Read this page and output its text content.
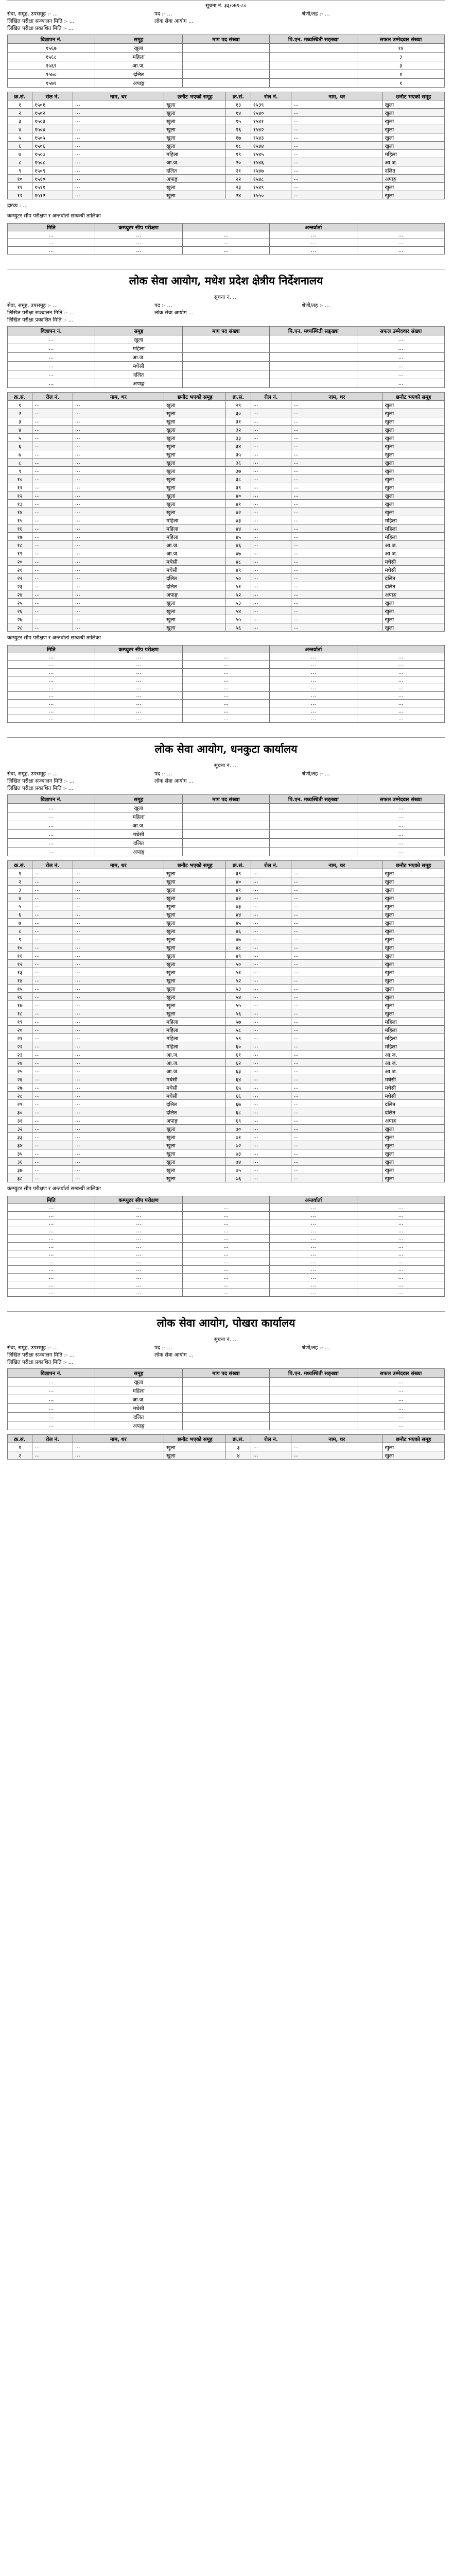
सूचना नं. ३३/०७९-८०
सेवा, समूह, उपसमूह :- …
लिखित परीक्षा सञ्चालन मिति :- …
लिखित परीक्षा प्रकाशित मिति :- …
पद :- …
लोक सेवा आयोग …
श्रेणी/तह :- …
विज्ञापन नं.	समूह	माग पद संख्या	पि.एन. मध्यस्थिती सङ्ख्या	सफल उम्मेदवार संख्या
१५६७	खुला			१४
१५६८	महिला			३
१५६९	आ.ज.			३
१५७०	दलित			१
१५७१	अपाङ्ग			१
क्र.सं.	रोल नं.	नाम, थर	छनौट भएको समूह	क्र.सं.	रोल नं.	नाम, थर	छनौट भएको समूह
१	१५०१	…	खुला	१३	१५३९	…	खुला
२	१५०२	…	खुला	१४	१५४०	…	खुला
३	१५०३	…	खुला	१५	१५४१	…	खुला
४	१५०४	…	खुला	१६	१५४२	…	खुला
५	१५०५	…	खुला	१७	१५४३	…	खुला
६	१५०६	…	खुला	१८	१५४४	…	खुला
७	१५०७	…	महिला	१९	१५४५	…	महिला
८	१५०८	…	आ.ज.	२०	१५४६	…	आ.ज.
९	१५०९	…	दलित	२१	१५४७	…	दलित
१०	१५१०	…	अपाङ्ग	२२	१५४८	…	अपाङ्ग
११	१५११	…	खुला	२३	१५४९	…	खुला
१२	१५१२	…	खुला	२४	१५५०	…	खुला
द्रष्टव्य : …
कम्प्युटर सीप परीक्षण र अन्तर्वार्ता सम्बन्धी तालिका
मिति	कम्प्युटर सीप परीक्षण		अन्तर्वार्ता	
…	…	…	…	…
…	…	…	…	…
…	…	…	…	…
लोक सेवा आयोग, मधेश प्रदेश क्षेत्रीय निर्देशनालय
सूचना नं. …
सेवा, समूह, उपसमूह :- …
लिखित परीक्षा सञ्चालन मिति :- …
लिखित परीक्षा प्रकाशित मिति :- …
पद :- …
लोक सेवा आयोग …
श्रेणी/तह :- …
विज्ञापन नं.	समूह	माग पद संख्या	पि.एन. मध्यस्थिती सङ्ख्या	सफल उम्मेदवार संख्या
…	खुला			…
…	महिला			…
…	आ.ज.			…
…	मधेसी			…
…	दलित			…
…	अपाङ्ग			…
क्र.सं.	रोल नं.	नाम, थर	छनौट भएको समूह	क्र.सं.	रोल नं.	नाम, थर	छनौट भएको समूह
१	…	…	खुला	२९	…	…	खुला
२	…	…	खुला	३०	…	…	खुला
३	…	…	खुला	३१	…	…	खुला
४	…	…	खुला	३२	…	…	खुला
५	…	…	खुला	३३	…	…	खुला
६	…	…	खुला	३४	…	…	खुला
७	…	…	खुला	३५	…	…	खुला
८	…	…	खुला	३६	…	…	खुला
९	…	…	खुला	३७	…	…	खुला
१०	…	…	खुला	३८	…	…	खुला
११	…	…	खुला	३९	…	…	खुला
१२	…	…	खुला	४०	…	…	खुला
१३	…	…	खुला	४१	…	…	खुला
१४	…	…	खुला	४२	…	…	खुला
१५	…	…	महिला	४३	…	…	महिला
१६	…	…	महिला	४४	…	…	महिला
१७	…	…	महिला	४५	…	…	महिला
१८	…	…	आ.ज.	४६	…	…	आ.ज.
१९	…	…	आ.ज.	४७	…	…	आ.ज.
२०	…	…	मधेसी	४८	…	…	मधेसी
२१	…	…	मधेसी	४९	…	…	मधेसी
२२	…	…	दलित	५०	…	…	दलित
२३	…	…	दलित	५१	…	…	दलित
२४	…	…	अपाङ्ग	५२	…	…	अपाङ्ग
२५	…	…	खुला	५३	…	…	खुला
२६	…	…	खुला	५४	…	…	खुला
२७	…	…	खुला	५५	…	…	खुला
२८	…	…	खुला	५६	…	…	खुला
कम्प्युटर सीप परीक्षण र अन्तर्वार्ता सम्बन्धी तालिका
मिति	कम्प्युटर सीप परीक्षण		अन्तर्वार्ता	
…	…	…	…	…
…	…	…	…	…
…	…	…	…	…
…	…	…	…	…
…	…	…	…	…
…	…	…	…	…
…	…	…	…	…
…	…	…	…	…
…	…	…	…	…
लोक सेवा आयोग, धनकुटा कार्यालय
सूचना नं. …
सेवा, समूह, उपसमूह :- …
लिखित परीक्षा सञ्चालन मिति :- …
लिखित परीक्षा प्रकाशित मिति :- …
पद :- …
लोक सेवा आयोग …
श्रेणी/तह :- …
विज्ञापन नं.	समूह	माग पद संख्या	पि.एन. मध्यस्थिती सङ्ख्या	सफल उम्मेदवार संख्या
…	खुला			…
…	महिला			…
…	आ.ज.			…
…	मधेसी			…
…	दलित			…
…	अपाङ्ग			…
क्र.सं.	रोल नं.	नाम, थर	छनौट भएको समूह	क्र.सं.	रोल नं.	नाम, थर	छनौट भएको समूह
१	…	…	खुला	३९	…	…	खुला
२	…	…	खुला	४०	…	…	खुला
३	…	…	खुला	४१	…	…	खुला
४	…	…	खुला	४२	…	…	खुला
५	…	…	खुला	४३	…	…	खुला
६	…	…	खुला	४४	…	…	खुला
७	…	…	खुला	४५	…	…	खुला
८	…	…	खुला	४६	…	…	खुला
९	…	…	खुला	४७	…	…	खुला
१०	…	…	खुला	४८	…	…	खुला
११	…	…	खुला	४९	…	…	खुला
१२	…	…	खुला	५०	…	…	खुला
१३	…	…	खुला	५१	…	…	खुला
१४	…	…	खुला	५२	…	…	खुला
१५	…	…	खुला	५३	…	…	खुला
१६	…	…	खुला	५४	…	…	खुला
१७	…	…	खुला	५५	…	…	खुला
१८	…	…	खुला	५६	…	…	खुला
१९	…	…	महिला	५७	…	…	महिला
२०	…	…	महिला	५८	…	…	महिला
२१	…	…	महिला	५९	…	…	महिला
२२	…	…	महिला	६०	…	…	महिला
२३	…	…	आ.ज.	६१	…	…	आ.ज.
२४	…	…	आ.ज.	६२	…	…	आ.ज.
२५	…	…	आ.ज.	६३	…	…	आ.ज.
२६	…	…	मधेसी	६४	…	…	मधेसी
२७	…	…	मधेसी	६५	…	…	मधेसी
२८	…	…	मधेसी	६६	…	…	मधेसी
२९	…	…	दलित	६७	…	…	दलित
३०	…	…	दलित	६८	…	…	दलित
३१	…	…	अपाङ्ग	६९	…	…	अपाङ्ग
३२	…	…	खुला	७०	…	…	खुला
३३	…	…	खुला	७१	…	…	खुला
३४	…	…	खुला	७२	…	…	खुला
३५	…	…	खुला	७३	…	…	खुला
३६	…	…	खुला	७४	…	…	खुला
३७	…	…	खुला	७५	…	…	खुला
३८	…	…	खुला	७६	…	…	खुला
कम्प्युटर सीप परीक्षण र अन्तर्वार्ता सम्बन्धी तालिका
मिति	कम्प्युटर सीप परीक्षण		अन्तर्वार्ता	
…	…	…	…	…
…	…	…	…	…
…	…	…	…	…
…	…	…	…	…
…	…	…	…	…
…	…	…	…	…
…	…	…	…	…
…	…	…	…	…
…	…	…	…	…
…	…	…	…	…
…	…	…	…	…
…	…	…	…	…
लोक सेवा आयोग, पोखरा कार्यालय
सूचना नं. …
सेवा, समूह, उपसमूह :- …
लिखित परीक्षा सञ्चालन मिति :- …
लिखित परीक्षा प्रकाशित मिति :- …
पद :- …
लोक सेवा आयोग …
श्रेणी/तह :- …
विज्ञापन नं.	समूह	माग पद संख्या	पि.एन. मध्यस्थिती सङ्ख्या	सफल उम्मेदवार संख्या
…	खुला			…
…	महिला			…
…	आ.ज.			…
…	मधेसी			…
…	दलित			…
…	अपाङ्ग			…
क्र.सं.	रोल नं.	नाम, थर	छनौट भएको समूह	क्र.सं.	रोल नं.	नाम, थर	छनौट भएको समूह
१	…	…	खुला	३	…	…	खुला
२	…	…	खुला	४	…	…	खुला
